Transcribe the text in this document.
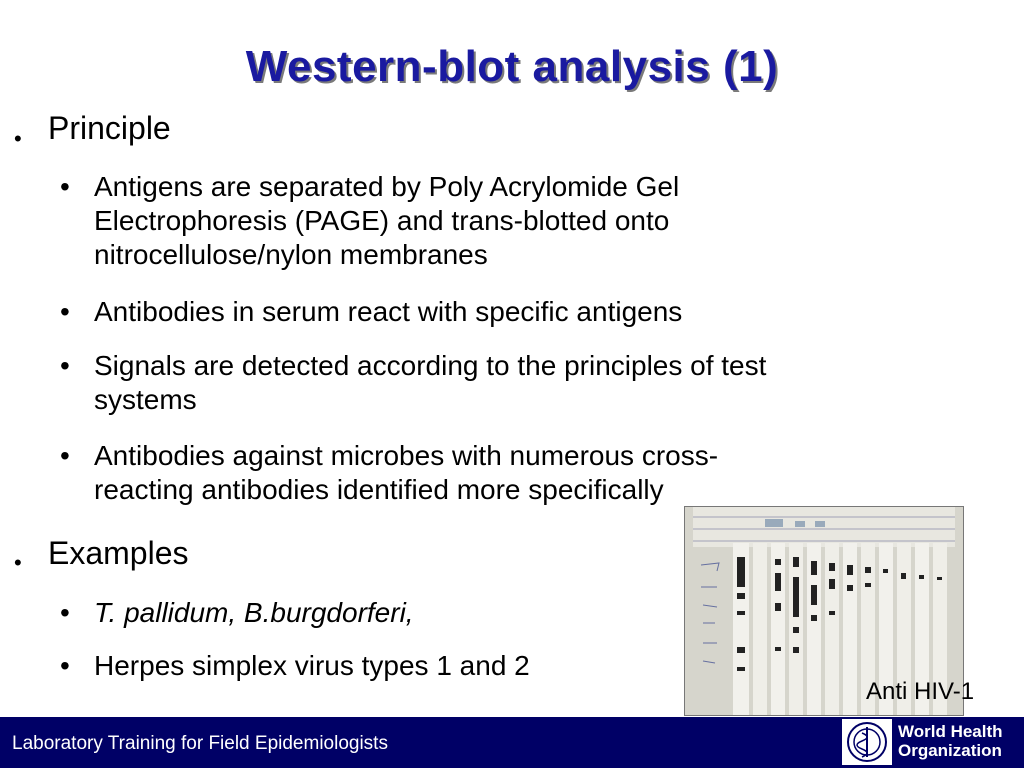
Western-blot analysis (1)
• Principle
• Antigens are separated by Poly Acrylomide Gel
Electrophoresis (PAGE) and trans-blotted onto
nitrocellulose/nylon membranes
• Antibodies in serum react with specific antigens
• Signals are detected according to the principles of test
systems
• Antibodies against microbes with numerous cross-
reacting antibodies identified more specifically
• Examples
• T. pallidum, B.burgdorferi,
• Herpes simplex virus types 1 and 2
Anti HIV-1
Laboratory Training for Field Epidemiologists
World Health
Organization
